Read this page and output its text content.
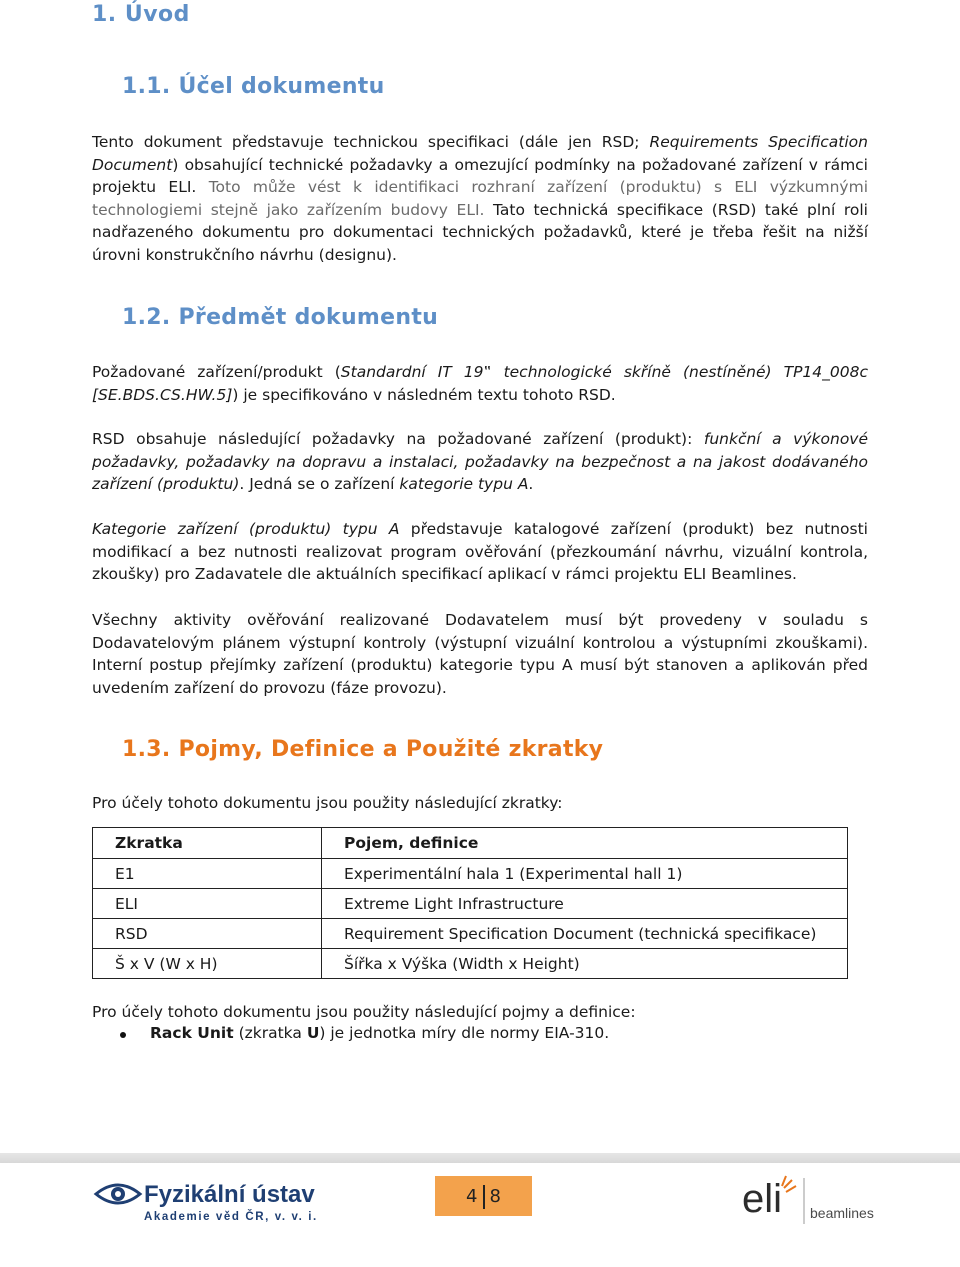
1. Úvod
1.1. Účel dokumentu
Tento dokument představuje technickou specifikaci (dále jen RSD; Requirements Specification Document) obsahující technické požadavky a omezující podmínky na požadované zařízení v rámci projektu ELI. Toto může vést k identifikaci rozhraní zařízení (produktu) s ELI výzkumnými technologiemi stejně jako zařízením budovy ELI. Tato technická specifikace (RSD) také plní roli nadřazeného dokumentu pro dokumentaci technických požadavků, které je třeba řešit na nižší úrovni konstrukčního návrhu (designu).
1.2. Předmět dokumentu
Požadované zařízení/produkt (Standardní IT 19‟ technologické skříně (nestíněné) TP14_008c [SE.BDS.CS.HW.5]) je specifikováno v následném textu tohoto RSD.
RSD obsahuje následující požadavky na požadované zařízení (produkt): funkční a výkonové požadavky, požadavky na dopravu a instalaci, požadavky na bezpečnost a na jakost dodávaného zařízení (produktu). Jedná se o zařízení kategorie typu A.
Kategorie zařízení (produktu) typu A představuje katalogové zařízení (produkt) bez nutnosti modifikací a bez nutnosti realizovat program ověřování (přezkoumání návrhu, vizuální kontrola, zkoušky) pro Zadavatele dle aktuálních specifikací aplikací v rámci projektu ELI Beamlines.
Všechny aktivity ověřování realizované Dodavatelem musí být provedeny v souladu s Dodavatelovým plánem výstupní kontroly (výstupní vizuální kontrolou a výstupními zkouškami). Interní postup přejímky zařízení (produktu) kategorie typu A musí být stanoven a aplikován před uvedením zařízení do provozu (fáze provozu).
1.3. Pojmy, Definice a Použité zkratky
Pro účely tohoto dokumentu jsou použity následující zkratky:
Zkratka	Pojem, definice
E1	Experimentální hala 1 (Experimental hall 1)
ELI	Extreme Light Infrastructure
RSD	Requirement Specification Document (technická specifikace)
Š x V (W x H)	Šířka x Výška (Width x Height)
Pro účely tohoto dokumentu jsou použity následující pojmy a definice:
Rack Unit (zkratka U) je jednotka míry dle normy EIA-310.
Fyzikální ústav
Akademie věd ČR, v. v. i.
4 8	eli beamlines
